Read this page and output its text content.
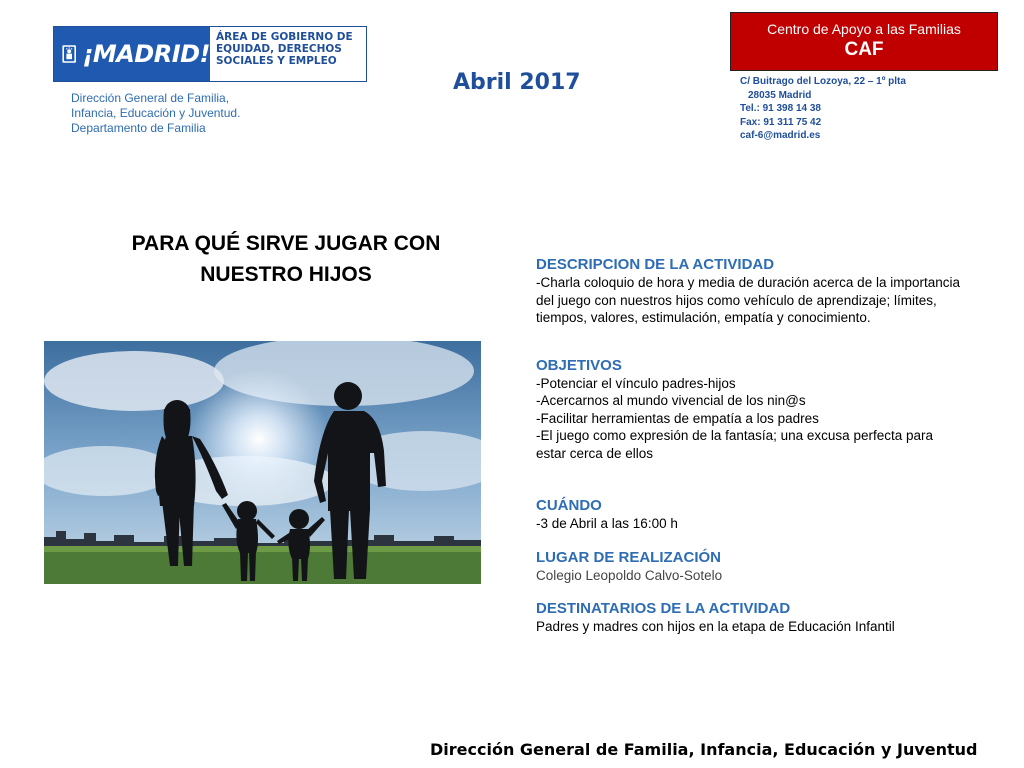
¡MADRID!
ÁREA DE GOBIERNO DE
EQUIDAD, DERECHOS
SOCIALES Y EMPLEO
Dirección General de Familia,
Infancia, Educación y Juventud.
Departamento de Familia
Abril 2017
Centro de Apoyo a las Familias
CAF
C/ Buitrago del Lozoya, 22 – 1º plta
28035 Madrid
Tel.: 91 398 14 38
Fax: 91 311 75 42
caf-6@madrid.es
PARA QUÉ SIRVE JUGAR CON NUESTRO HIJOS	DESCRIPCION DE LA ACTIVIDAD
-Charla coloquio de hora y media de duración acerca de la importancia del juego con nuestros hijos como vehículo de aprendizaje; límites, tiempos, valores, estimulación, empatía y conocimiento.
OBJETIVOS
-Potenciar el vínculo padres-hijos
-Acercarnos al mundo vivencial de los nin@s
-Facilitar herramientas de empatía a los padres
-El juego como expresión de la fantasía; una excusa perfecta para estar cerca de ellos
CUÁNDO
-3 de Abril a las 16:00 h
LUGAR DE REALIZACIÓN
Colegio Leopoldo Calvo-Sotelo
DESTINATARIOS DE LA ACTIVIDAD
Padres y madres con hijos en la etapa de Educación Infantil
Dirección General de Familia, Infancia, Educación y Juventud
